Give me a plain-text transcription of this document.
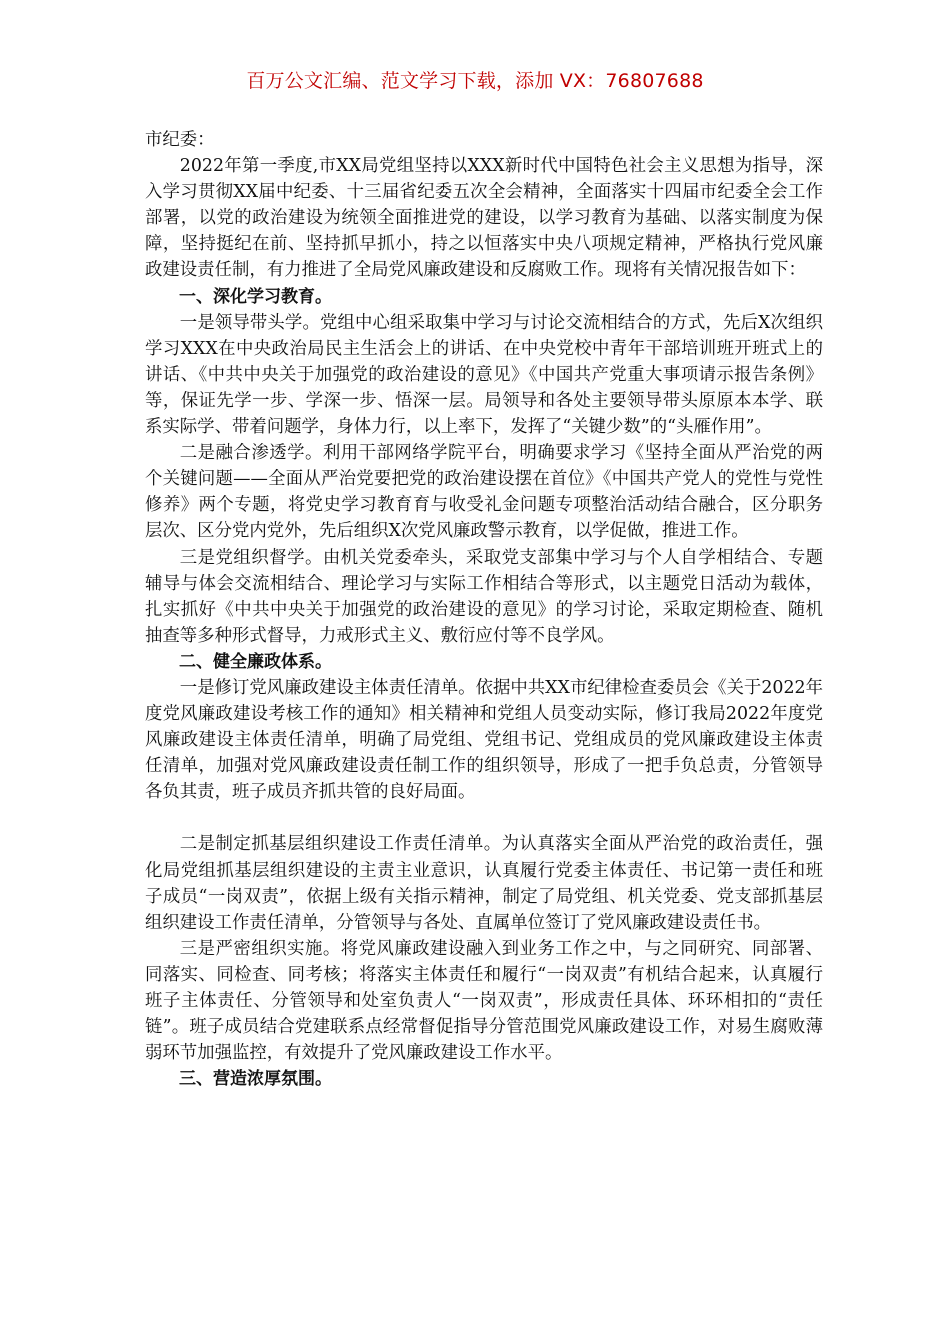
百万公文汇编、范文学习下载，添加 VX：76807688

市纪委：

2022年第一季度,市XX局党组坚持以XXX新时代中国特色社会主义思想为指导，深入学习贯彻XX届中纪委、十三届省纪委五次全会精神，全面落实十四届市纪委全会工作部署，以党的政治建设为统领全面推进党的建设，以学习教育为基础、以落实制度为保障，坚持挺纪在前、坚持抓早抓小，持之以恒落实中央八项规定精神，严格执行党风廉政建设责任制，有力推进了全局党风廉政建设和反腐败工作。现将有关情况报告如下：

一、深化学习教育。

一是领导带头学。党组中心组采取集中学习与讨论交流相结合的方式，先后X次组织学习XXX在中央政治局民主生活会上的讲话、在中央党校中青年干部培训班开班式上的讲话、《中共中央关于加强党的政治建设的意见》《中国共产党重大事项请示报告条例》等，保证先学一步、学深一步、悟深一层。局领导和各处主要领导带头原原本本学、联系实际学、带着问题学，身体力行，以上率下，发挥了“关键少数”的“头雁作用”。

二是融合渗透学。利用干部网络学院平台，明确要求学习《坚持全面从严治党的两个关键问题——全面从严治党要把党的政治建设摆在首位》《中国共产党人的党性与党性修养》两个专题，将党史学习教育育与收受礼金问题专项整治活动结合融合，区分职务层次、区分党内党外，先后组织X次党风廉政警示教育，以学促做，推进工作。

三是党组织督学。由机关党委牵头，采取党支部集中学习与个人自学相结合、专题辅导与体会交流相结合、理论学习与实际工作相结合等形式，以主题党日活动为载体，扎实抓好《中共中央关于加强党的政治建设的意见》的学习讨论，采取定期检查、随机抽查等多种形式督导，力戒形式主义、敷衍应付等不良学风。

二、健全廉政体系。

一是修订党风廉政建设主体责任清单。依据中共XX市纪律检查委员会《关于2022年度党风廉政建设考核工作的通知》相关精神和党组人员变动实际，修订我局2022年度党风廉政建设主体责任清单，明确了局党组、党组书记、党组成员的党风廉政建设主体责任清单，加强对党风廉政建设责任制工作的组织领导，形成了一把手负总责，分管领导各负其责，班子成员齐抓共管的良好局面。

二是制定抓基层组织建设工作责任清单。为认真落实全面从严治党的政治责任，强化局党组抓基层组织建设的主责主业意识，认真履行党委主体责任、书记第一责任和班子成员“一岗双责”，依据上级有关指示精神，制定了局党组、机关党委、党支部抓基层组织建设工作责任清单，分管领导与各处、直属单位签订了党风廉政建设责任书。

三是严密组织实施。将党风廉政建设融入到业务工作之中，与之同研究、同部署、同落实、同检查、同考核；将落实主体责任和履行“一岗双责”有机结合起来，认真履行班子主体责任、分管领导和处室负责人“一岗双责”，形成责任具体、环环相扣的“责任链”。班子成员结合党建联系点经常督促指导分管范围党风廉政建设工作，对易生腐败薄弱环节加强监控，有效提升了党风廉政建设工作水平。

三、营造浓厚氛围。
